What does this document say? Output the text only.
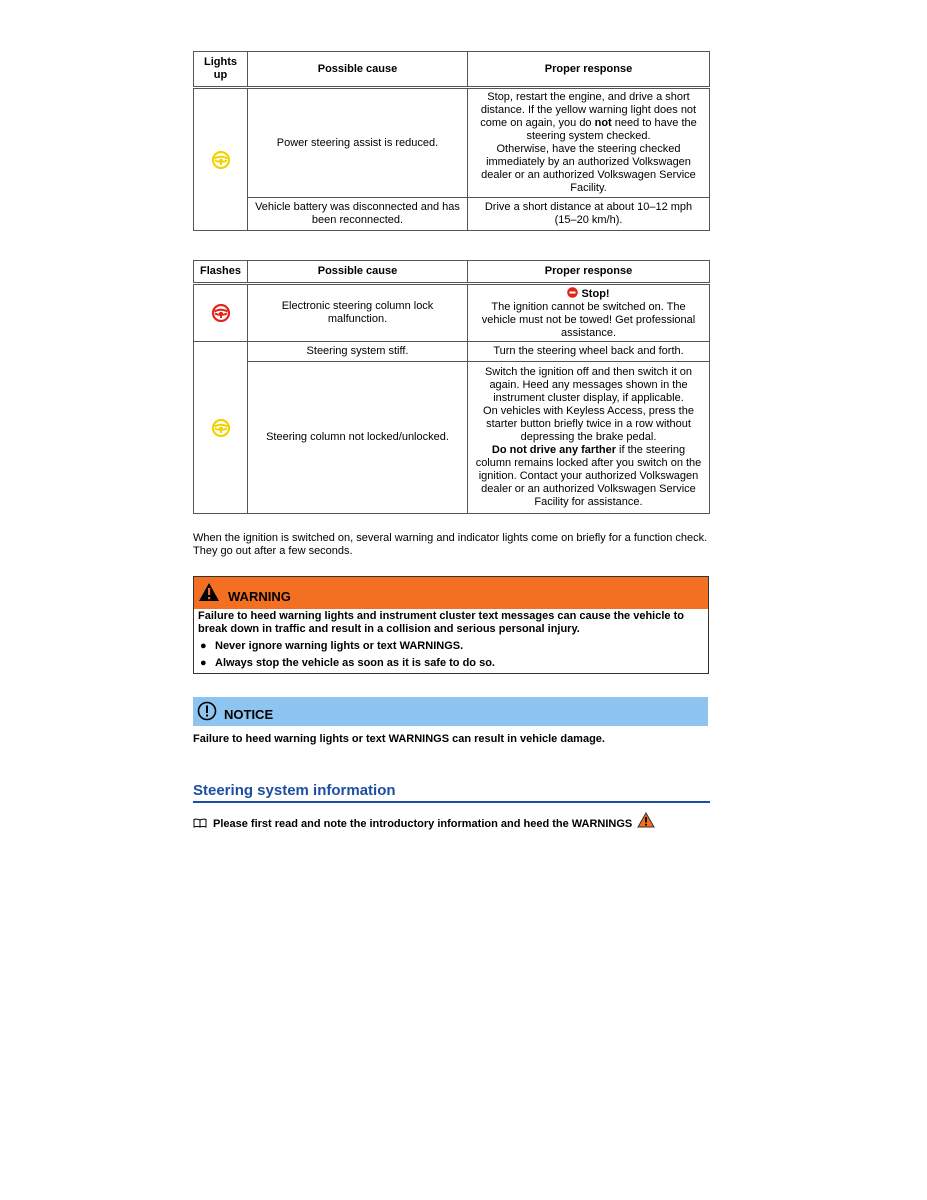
Lights up	Possible cause	Proper response
	Power steering assist is reduced.	Stop, restart the engine, and drive a short distance. If the yellow warning light does not come on again, you do not need to have the steering system checked.
Otherwise, have the steering checked immediately by an authorized Volkswagen dealer or an authorized Volkswagen Service Facility.
	Vehicle battery was disconnected and has been reconnected.	Drive a short distance at about 10–12 mph (15–20 km/h).
Flashes	Possible cause	Proper response
	Electronic steering column lock malfunction.	Stop!
The ignition cannot be switched on. The vehicle must not be towed! Get professional assistance.
	Steering system stiff.	Turn the steering wheel back and forth.
	Steering column not locked/unlocked.	Switch the ignition off and then switch it on again. Heed any messages shown in the instrument cluster display, if applicable.
On vehicles with Keyless Access, press the starter button briefly twice in a row without depressing the brake pedal.
Do not drive any farther if the steering column remains locked after you switch on the ignition. Contact your authorized Volkswagen dealer or an authorized Volkswagen Service Facility for assistance.
When the ignition is switched on, several warning and indicator lights come on briefly for a function check. They go out after a few seconds.
WARNING
Failure to heed warning lights and instrument cluster text messages can cause the vehicle to break down in traffic and result in a collision and serious personal injury.
● Never ignore warning lights or text WARNINGS.
● Always stop the vehicle as soon as it is safe to do so.
NOTICE
Failure to heed warning lights or text WARNINGS can result in vehicle damage.
Steering system information
Please first read and note the introductory information and heed the WARNINGS
